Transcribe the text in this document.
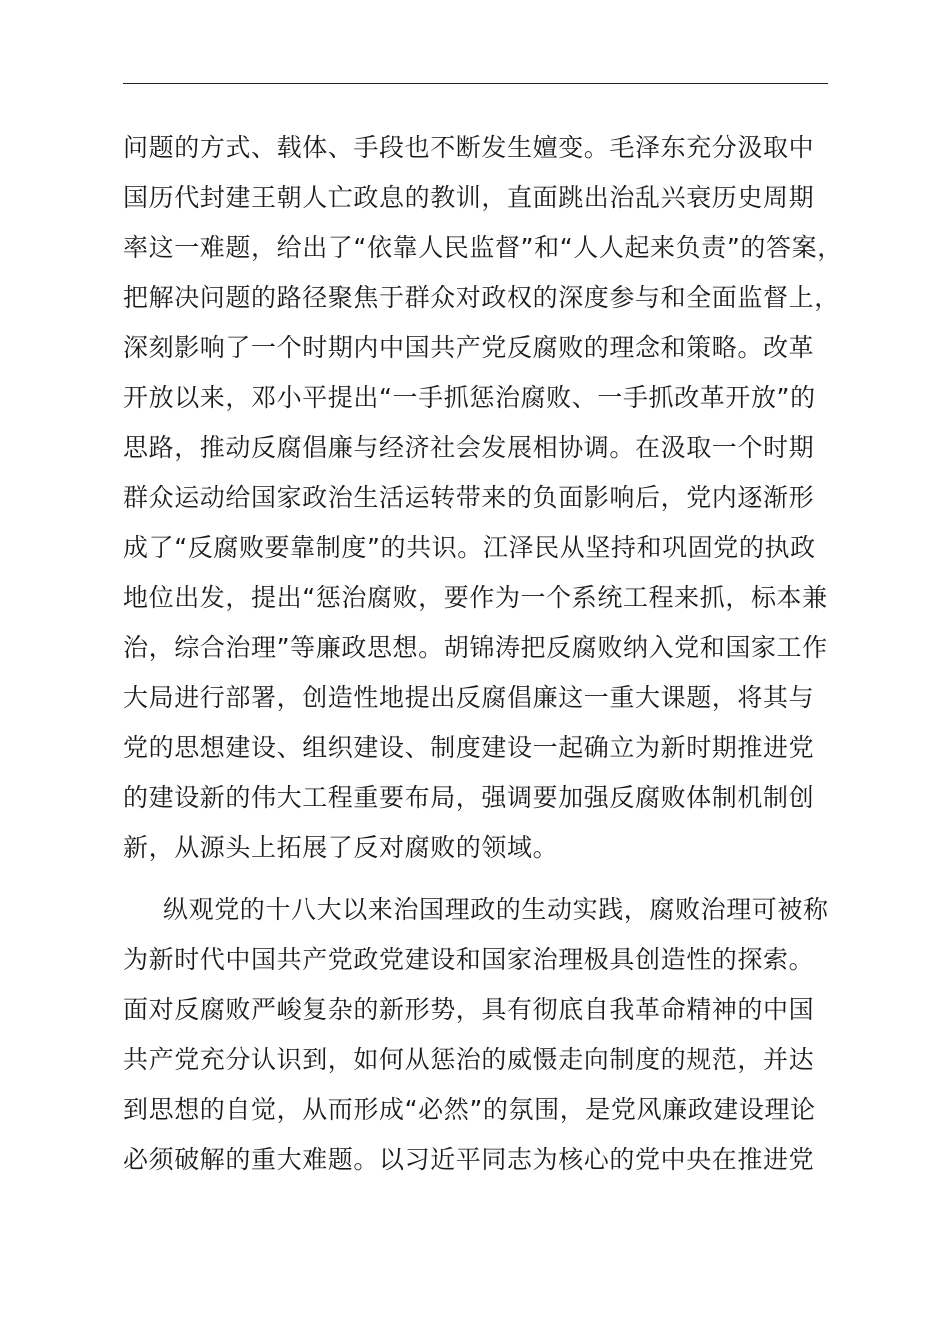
问题的方式、载体、手段也不断发生嬗变。毛泽东充分汲取中
国历代封建王朝人亡政息的教训，直面跳出治乱兴衰历史周期
率这一难题，给出了“依靠人民监督”和“人人起来负责”的答案，
把解决问题的路径聚焦于群众对政权的深度参与和全面监督上，
深刻影响了一个时期内中国共产党反腐败的理念和策略。改革
开放以来，邓小平提出“一手抓惩治腐败、一手抓改革开放”的
思路，推动反腐倡廉与经济社会发展相协调。在汲取一个时期
群众运动给国家政治生活运转带来的负面影响后，党内逐渐形
成了“反腐败要靠制度”的共识。江泽民从坚持和巩固党的执政
地位出发，提出“惩治腐败，要作为一个系统工程来抓，标本兼
治，综合治理”等廉政思想。胡锦涛把反腐败纳入党和国家工作
大局进行部署，创造性地提出反腐倡廉这一重大课题，将其与
党的思想建设、组织建设、制度建设一起确立为新时期推进党
的建设新的伟大工程重要布局，强调要加强反腐败体制机制创
新，从源头上拓展了反对腐败的领域。
纵观党的十八大以来治国理政的生动实践，腐败治理可被称
为新时代中国共产党政党建设和国家治理极具创造性的探索。
面对反腐败严峻复杂的新形势，具有彻底自我革命精神的中国
共产党充分认识到，如何从惩治的威慑走向制度的规范，并达
到思想的自觉，从而形成“必然”的氛围，是党风廉政建设理论
必须破解的重大难题。以习近平同志为核心的党中央在推进党
